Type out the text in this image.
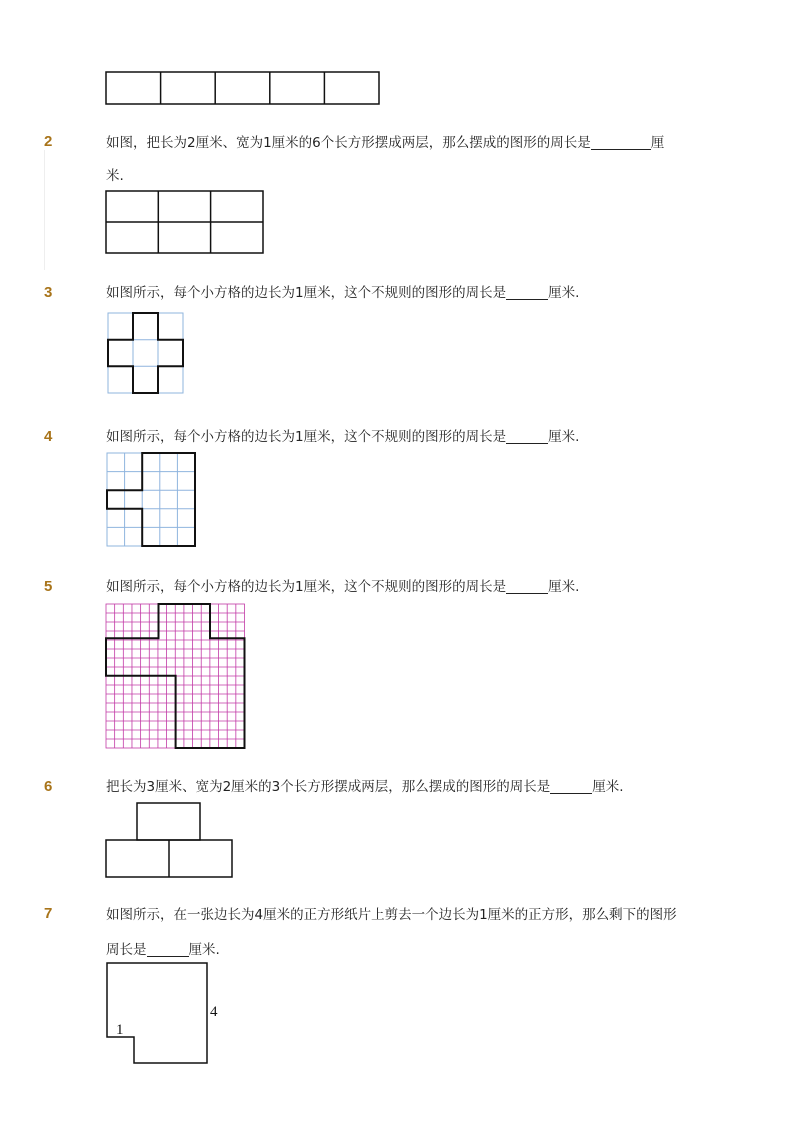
2	如图，把长为2厘米、宽为1厘米的6个长方形摆成两层，那么摆成的图形的周长是	厘
米.
3	如图所示，每个小方格的边长为1厘米，这个不规则的图形的周长是	厘米.
4	如图所示，每个小方格的边长为1厘米，这个不规则的图形的周长是	厘米.
5	如图所示，每个小方格的边长为1厘米，这个不规则的图形的周长是	厘米.
6	把长为3厘米、宽为2厘米的3个长方形摆成两层，那么摆成的图形的周长是	厘米.
7	如图所示，在一张边长为4厘米的正方形纸片上剪去一个边长为1厘米的正方形，那么剩下的图形
周长是	厘米.
1
4
